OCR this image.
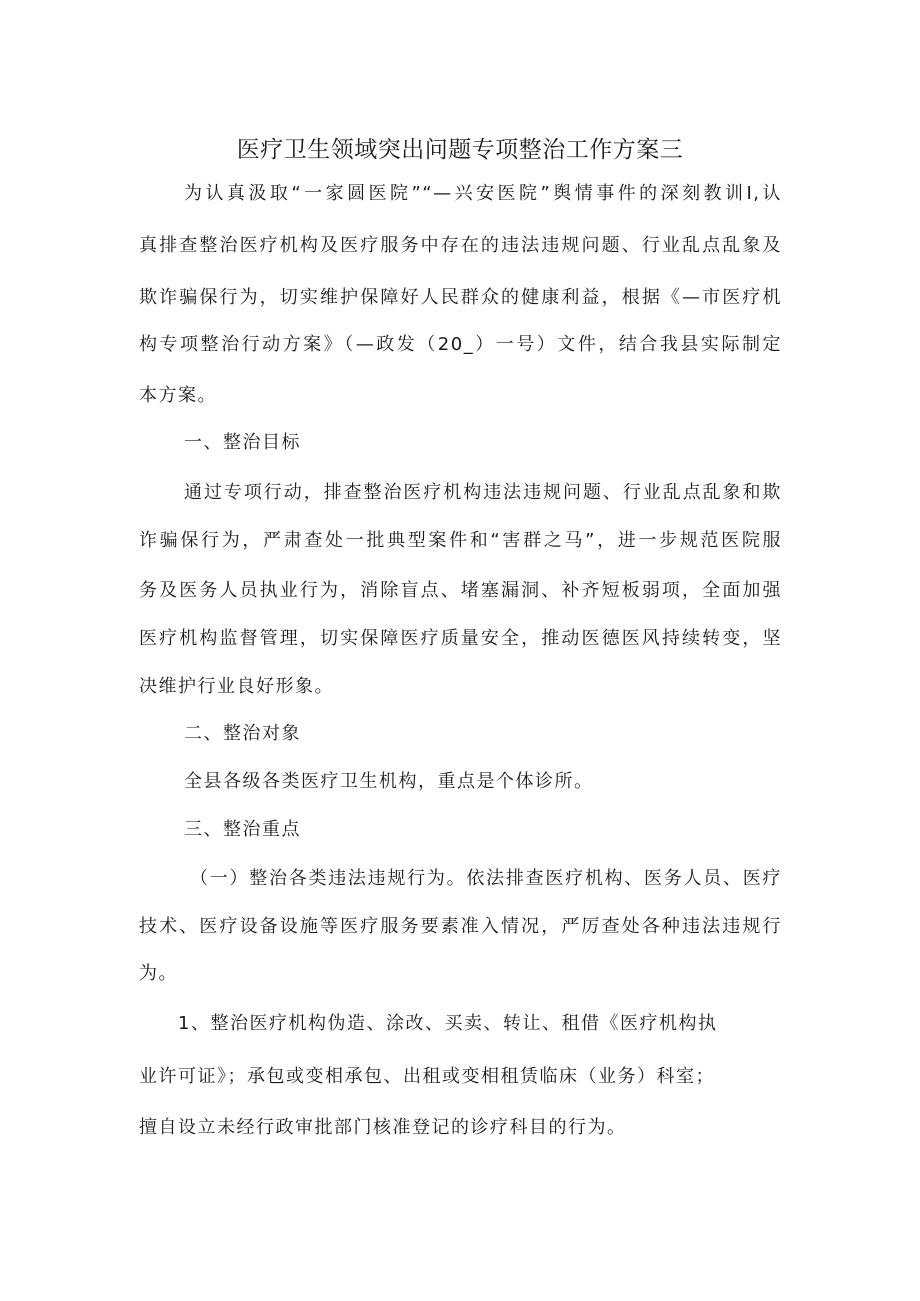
医疗卫生领域突出问题专项整治工作方案三

为认真汲取“一家圆医院”“—兴安医院”舆情事件的深刻教训I,认

真排查整治医疗机构及医疗服务中存在的违法违规问题、行业乱点乱象及

欺诈骗保行为，切实维护保障好人民群众的健康利益，根据《—市医疗机

构专项整治行动方案》（—政发（20_）一号）文件，结合我县实际制定

本方案。

一、整治目标

通过专项行动，排查整治医疗机构违法违规问题、行业乱点乱象和欺

诈骗保行为，严肃查处一批典型案件和“害群之马”，进一步规范医院服

务及医务人员执业行为，消除盲点、堵塞漏洞、补齐短板弱项，全面加强

医疗机构监督管理，切实保障医疗质量安全，推动医德医风持续转变，坚

决维护行业良好形象。

二、整治对象

全县各级各类医疗卫生机构，重点是个体诊所。

三、整治重点

（一）整治各类违法违规行为。依法排查医疗机构、医务人员、医疗

技术、医疗设备设施等医疗服务要素准入情况，严厉查处各种违法违规行

为。

1、整治医疗机构伪造、涂改、买卖、转让、租借《医疗机构执

业许可证》；承包或变相承包、出租或变相租赁临床（业务）科室；

擅自设立未经行政审批部门核准登记的诊疗科目的行为。
